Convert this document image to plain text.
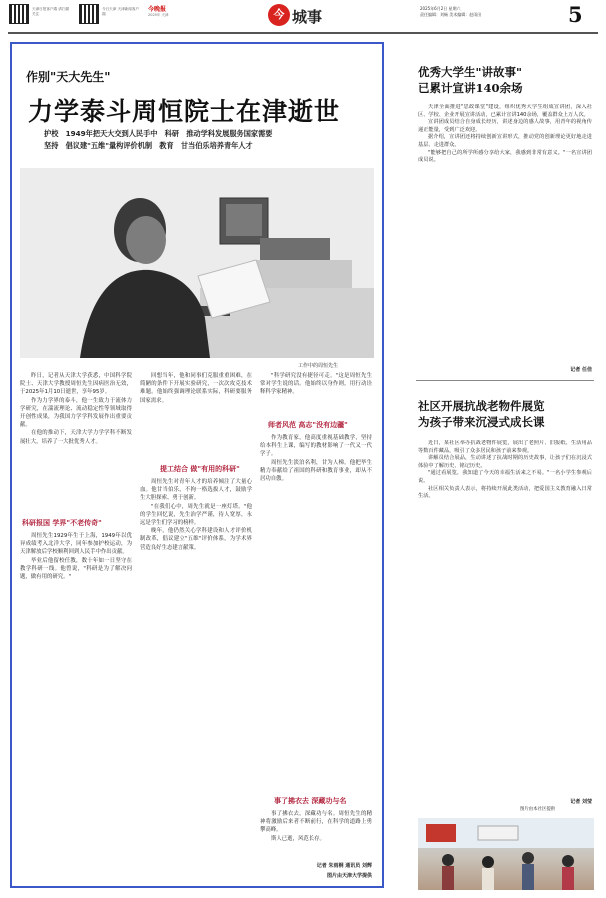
天津日报客户端 请扫描关注
今日天津 天津新闻客户端
今晚报
2025年 天津	今 城事	2025年6月2日 星期六
责任编辑：刘畅 美术编辑：赵雨田	5
作别"天大先生"
力学泰斗周恒院士在津逝世
护校　1949年把天大交到人民手中　科研　推动学科发展服务国家需要
坚持　倡议建"五维"量构评价机制　教育　甘当伯乐培养青年人才
工作中的周恒先生

昨日，记者从天津大学获悉，中国科学院院士、天津大学教授周恒先生因病医治无效，于2025年1月10日逝世，享年95岁。

作为力学界的泰斗，他一生致力于流体力学研究，在湍流理论、流动稳定性等领域取得开创性成果，为我国力学学科发展作出重要贡献。

在他的推动下，天津大学力学学科不断发展壮大，培养了一大批优秀人才。

科研报国 学界"不老传奇"

周恒先生1929年生于上海，1949年以优异成绩考入北洋大学，同年参加护校运动，为天津解放后学校顺利回到人民手中作出贡献。

毕业后他留校任教，数十年如一日坚守在教学科研一线。他曾说，"科研是为了解决问题，做有用的研究。"

回想当年，他和同事们克服重重困难，在简陋的条件下开展实验研究，一次次攻克技术难题。他始终强调理论联系实际，科研要服务国家需求。

提工结合 做"有用的科研"

周恒先生对青年人才的培养倾注了大量心血。他甘当伯乐，不拘一格选拔人才，鼓励学生大胆探索、勇于创新。

"在我们心中，周先生就是一座灯塔。"他的学生回忆说，先生治学严谨，待人宽厚，永远是学生们学习的榜样。

晚年，他仍然关心学科建设和人才评价机制改革，倡议建立"五维"评价体系，为学术界营造良好生态建言献策。

"科学研究没有捷径可走。"这是周恒先生常对学生说的话。他始终以身作则，用行动诠释科学家精神。

师者风范 高志"没有边疆"

作为教育家，他高度重视基础教学，坚持给本科生上课，编写的教材影响了一代又一代学子。

周恒先生淡泊名利，甘为人梯。他把毕生精力奉献给了祖国的科研和教育事业，却从不居功自傲。

事了拂衣去 深藏功与名

事了拂衣去，深藏功与名。周恒先生的精神将激励后来者不断前行，在科学的道路上勇攀高峰。

斯人已逝，风范长存。

记者 朱雨桐 通讯员 刘辉
图片由天津大学提供
优秀大学生"讲故事"
已累计宣讲140余场

天津全面推进"思政课堂"建设，组织优秀大学生组成宣讲团，深入社区、学校、企业开展宣讲活动，已累计宣讲140余场，覆盖群众上万人次。

宣讲团成员结合自身成长经历，讲述身边的感人故事，用青年的视角传递正能量，受到广泛欢迎。

据介绍，宣讲团还将持续创新宣讲形式，推动党的创新理论更好地走进基层、走进群众。

"能够把自己的所学所感分享给大家，我感到非常有意义。"一名宣讲团成员说。

记者 任佳
社区开展抗战老物件展览
为孩子带来沉浸式成长课

近日，某社区举办抗战老物件展览，展出了老照片、旧报纸、生活用品等数百件藏品，吸引了众多居民和孩子前来参观。

讲解员结合展品，生动讲述了抗战时期的历史故事，让孩子们在沉浸式体验中了解历史、铭记历史。

"通过看展览，我知道了今天的幸福生活来之不易。"一名小学生参观后说。

社区相关负责人表示，将持续开展此类活动，把爱国主义教育融入日常生活。

记者 刘莹
图片由本社区提供
